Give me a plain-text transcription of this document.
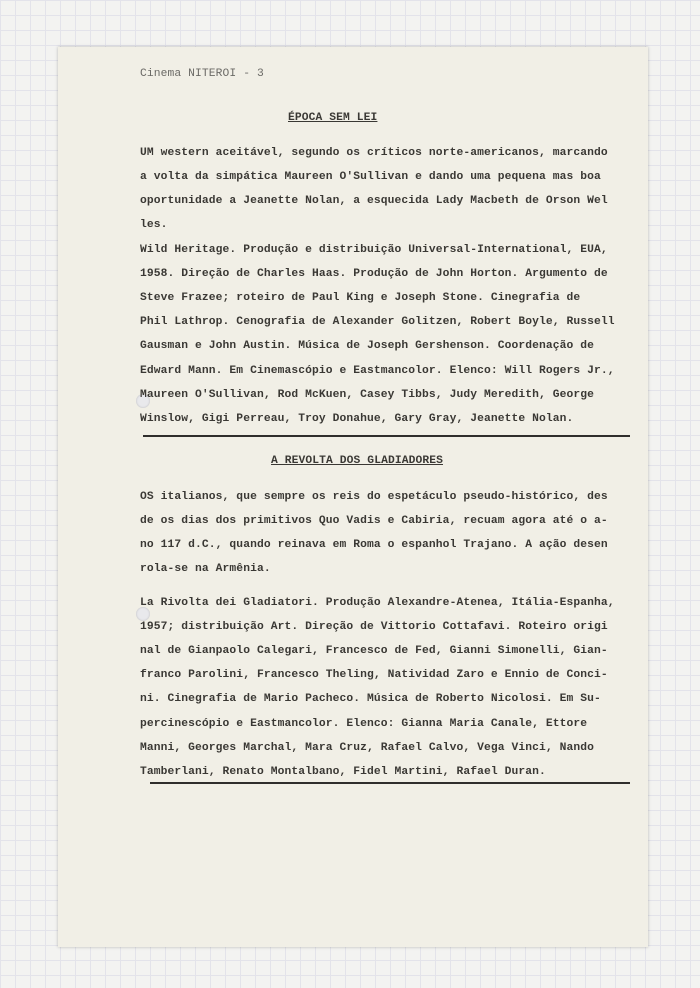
Cinema NITEROI - 3

ÉPOCA SEM LEI

UM western aceitável, segundo os críticos norte-americanos, marcando

a volta da simpática Maureen O'Sullivan e dando uma pequena mas boa

oportunidade a Jeanette Nolan, a esquecida Lady Macbeth de Orson Wel

les.

Wild Heritage. Produção e distribuição Universal-International, EUA,

1958. Direção de Charles Haas. Produção de John Horton. Argumento de

Steve Frazee; roteiro de Paul King e Joseph Stone. Cinegrafia de

Phil Lathrop. Cenografia de Alexander Golitzen, Robert Boyle, Russell

Gausman e John Austin. Música de Joseph Gershenson. Coordenação de

Edward Mann. Em Cinemascópio e Eastmancolor. Elenco: Will Rogers Jr.,

Maureen O'Sullivan, Rod McKuen, Casey Tibbs, Judy Meredith, George

Winslow, Gigi Perreau, Troy Donahue, Gary Gray, Jeanette Nolan.

A REVOLTA DOS GLADIADORES

OS italianos, que sempre os reis do espetáculo pseudo-histórico, des

de os dias dos primitivos Quo Vadis e Cabiria, recuam agora até o a-

no 117 d.C., quando reinava em Roma o espanhol Trajano. A ação desen

rola-se na Armênia.

La Rivolta dei Gladiatori. Produção Alexandre-Atenea, Itália-Espanha,

1957; distribuição Art. Direção de Vittorio Cottafavi. Roteiro origi

nal de Gianpaolo Calegari, Francesco de Fed, Gianni Simonelli, Gian-

franco Parolini, Francesco Theling, Natividad Zaro e Ennio de Conci-

ni. Cinegrafia de Mario Pacheco. Música de Roberto Nicolosi. Em Su-

percinescópio e Eastmancolor. Elenco: Gianna Maria Canale, Ettore

Manni, Georges Marchal, Mara Cruz, Rafael Calvo, Vega Vinci, Nando

Tamberlani, Renato Montalbano, Fidel Martini, Rafael Duran.
